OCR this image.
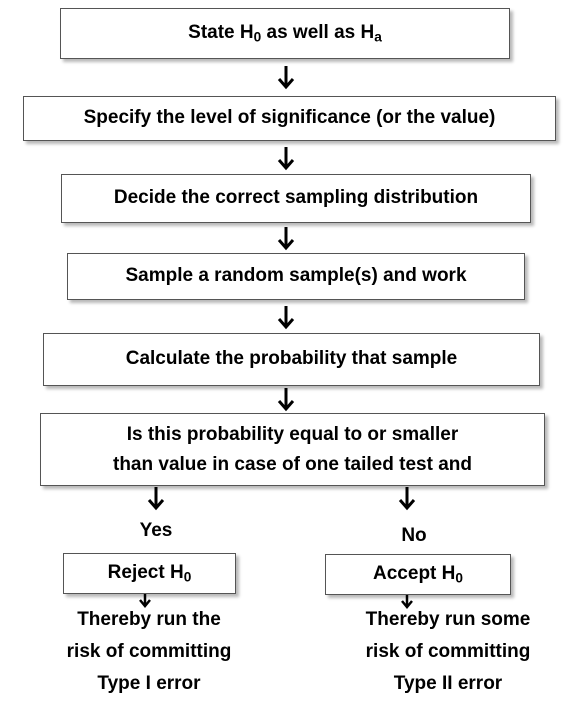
State $H_0$ as well as $H_a$
Specify the level of significance (or the value)
Decide the correct sampling distribution
Sample a random sample(s) and work
Calculate the probability that sample
Is this probability equal to or smaller
than value in case of one tailed test and
Yes	No
Reject $H_0$	Accept $H_0$
Thereby run the
risk of committing
Type I error
Thereby run some
risk of committing
Type II error
